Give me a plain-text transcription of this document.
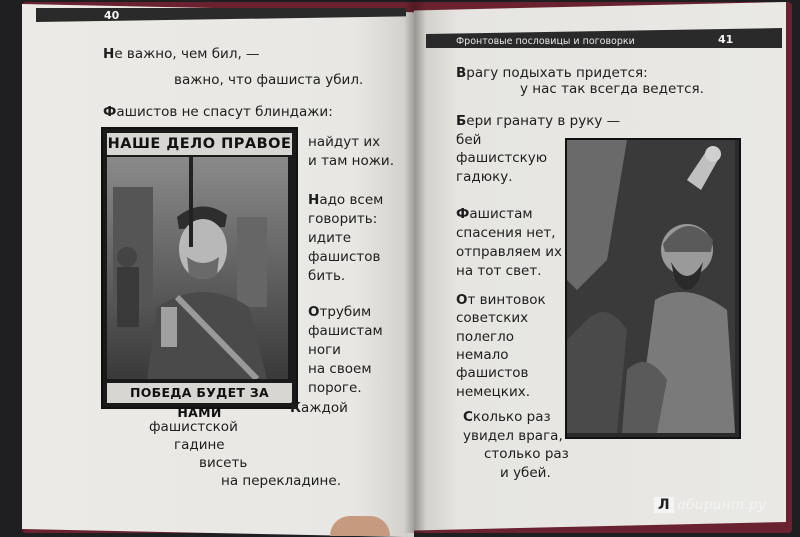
40
Не важно, чем бил, —
важно, что фашиста убил.
Фашистов не спасут блиндажи:
НАШЕ ДЕЛО ПРАВОЕ
ПОБЕДА БУДЕТ ЗА НАМИ
найдут их
и там ножи.
Надо всем
говорить:
идите
фашистов
бить.
Отрубим
фашистам
ноги
на своем
пороге.
Каждой
фашистской
гадине
висеть
на перекладине.
Фронтовые пословицы и поговорки	41
Врагу подыхать придется:
у нас так всегда ведется.
Бери гранату в руку —
бей
фашистскую
гадюку.
Фашистам
спасения нет,
отправляем их
на тот свет.
От винтовок
советских
полегло
немало
фашистов
немецких.
Сколько раз
увидел врага,
столько раз
и убей.
Л абиринт.ру
